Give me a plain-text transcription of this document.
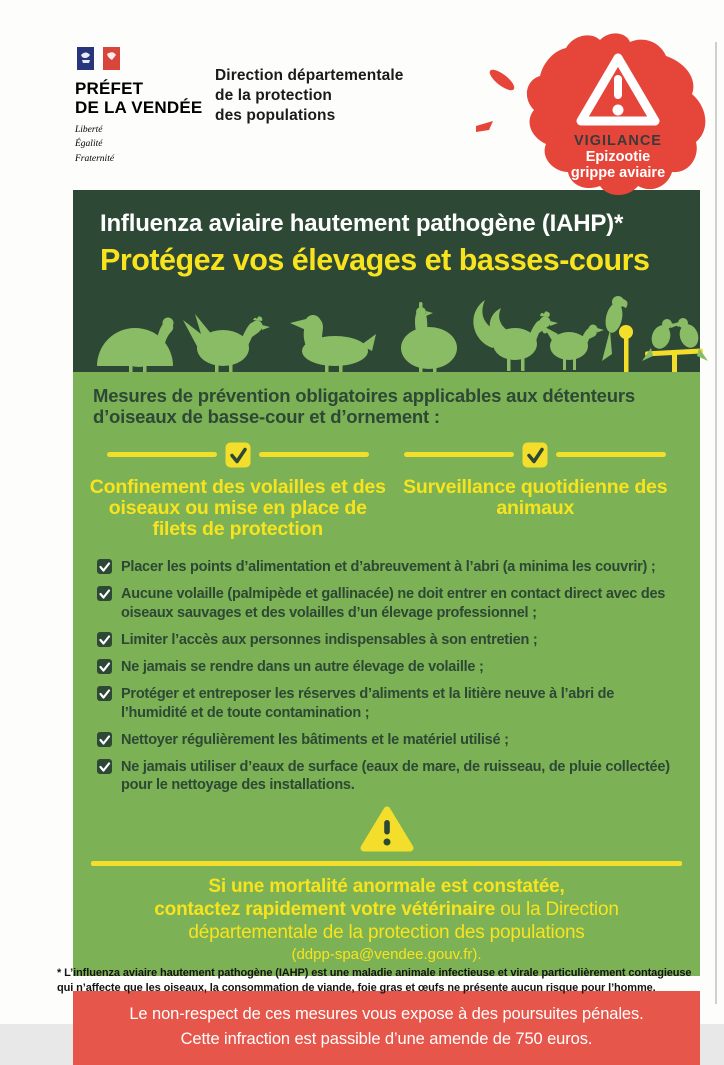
PRÉFET
DE LA VENDÉE
Liberté
Égalité
Fraternité
Direction départementale
de la protection
des populations
VIGILANCE
Epizootie
grippe aviaire
Influenza aviaire hautement pathogène (IAHP)*
Protégez vos élevages et basses-cours
Mesures de prévention obligatoires applicables aux détenteurs d’oiseaux de basse-cour et d’ornement :
Confinement des volailles et des oiseaux ou mise en place de filets de protection
Surveillance quotidienne des animaux
Placer les points d’alimentation et d’abreuvement à l’abri (a minima les couvrir) ;
Aucune volaille (palmipède et gallinacée) ne doit entrer en contact direct avec des oiseaux sauvages et des volailles d’un élevage professionnel ;
Limiter l’accès aux personnes indispensables à son entretien ;
Ne jamais se rendre dans un autre élevage de volaille ;
Protéger et entreposer les réserves d’aliments et la litière neuve à l’abri de l’humidité et de toute contamination ;
Nettoyer régulièrement les bâtiments et le matériel utilisé ;
Ne jamais utiliser d’eaux de surface (eaux de mare, de ruisseau, de pluie collectée) pour le nettoyage des installations.
Si une mortalité anormale est constatée,
contactez rapidement votre vétérinaire ou la Direction
départementale de la protection des populations
(ddpp-spa@vendee.gouv.fr).
Le non-respect de ces mesures vous expose à des poursuites pénales.
Cette infraction est passible d’une amende de 750 euros.
* L’influenza aviaire hautement pathogène (IAHP) est une maladie animale infectieuse et virale particulièrement contagieuse qui n’affecte que les oiseaux, la consommation de viande, foie gras et œufs ne présente aucun risque pour l’homme.
